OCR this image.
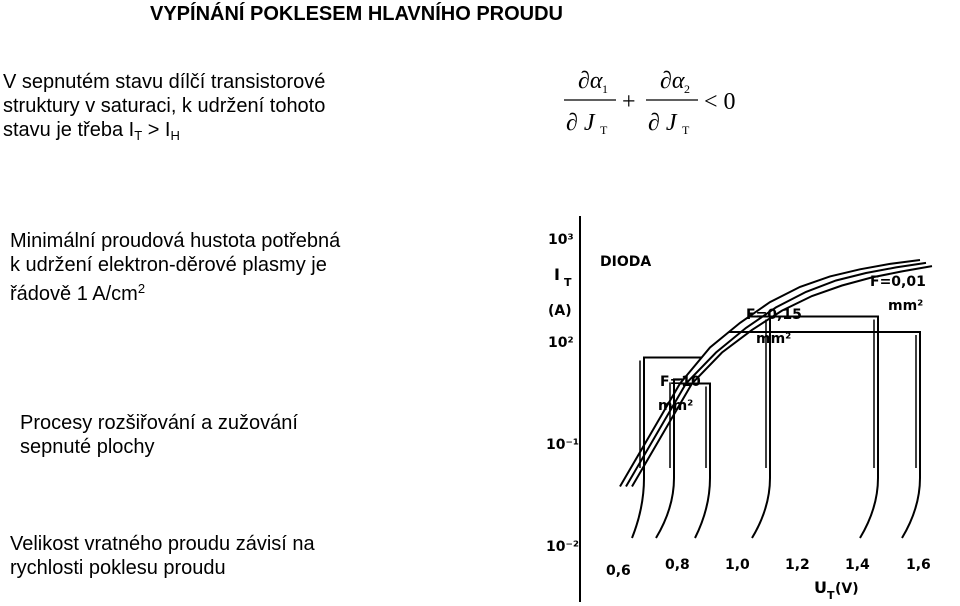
VYPÍNÁNÍ POKLESEM HLAVNÍHO PROUDU
V sepnutém stavu dílčí transistorové
struktury v saturaci, k udržení tohoto
stavu je třeba $I_T > I_H$
∂α 1
∂ J T
+
∂α 2
∂ J T
< 0
Minimální proudová hustota potřebná
k udržení elektron-děrové plasmy je
řádově 1 $A/cm^2$
Procesy rozšiřování a zužování
sepnuté plochy
Velikost vratného proudu závisí na
rychlosti poklesu proudu
10³
10²
10⁻¹
10⁻²
I T
(A)
0,6 0,8	1,0	1,2	1,4	1,6
U T (V)
DIODA
F=10
mm²
F=0,15
mm²
F=0,01
mm²
